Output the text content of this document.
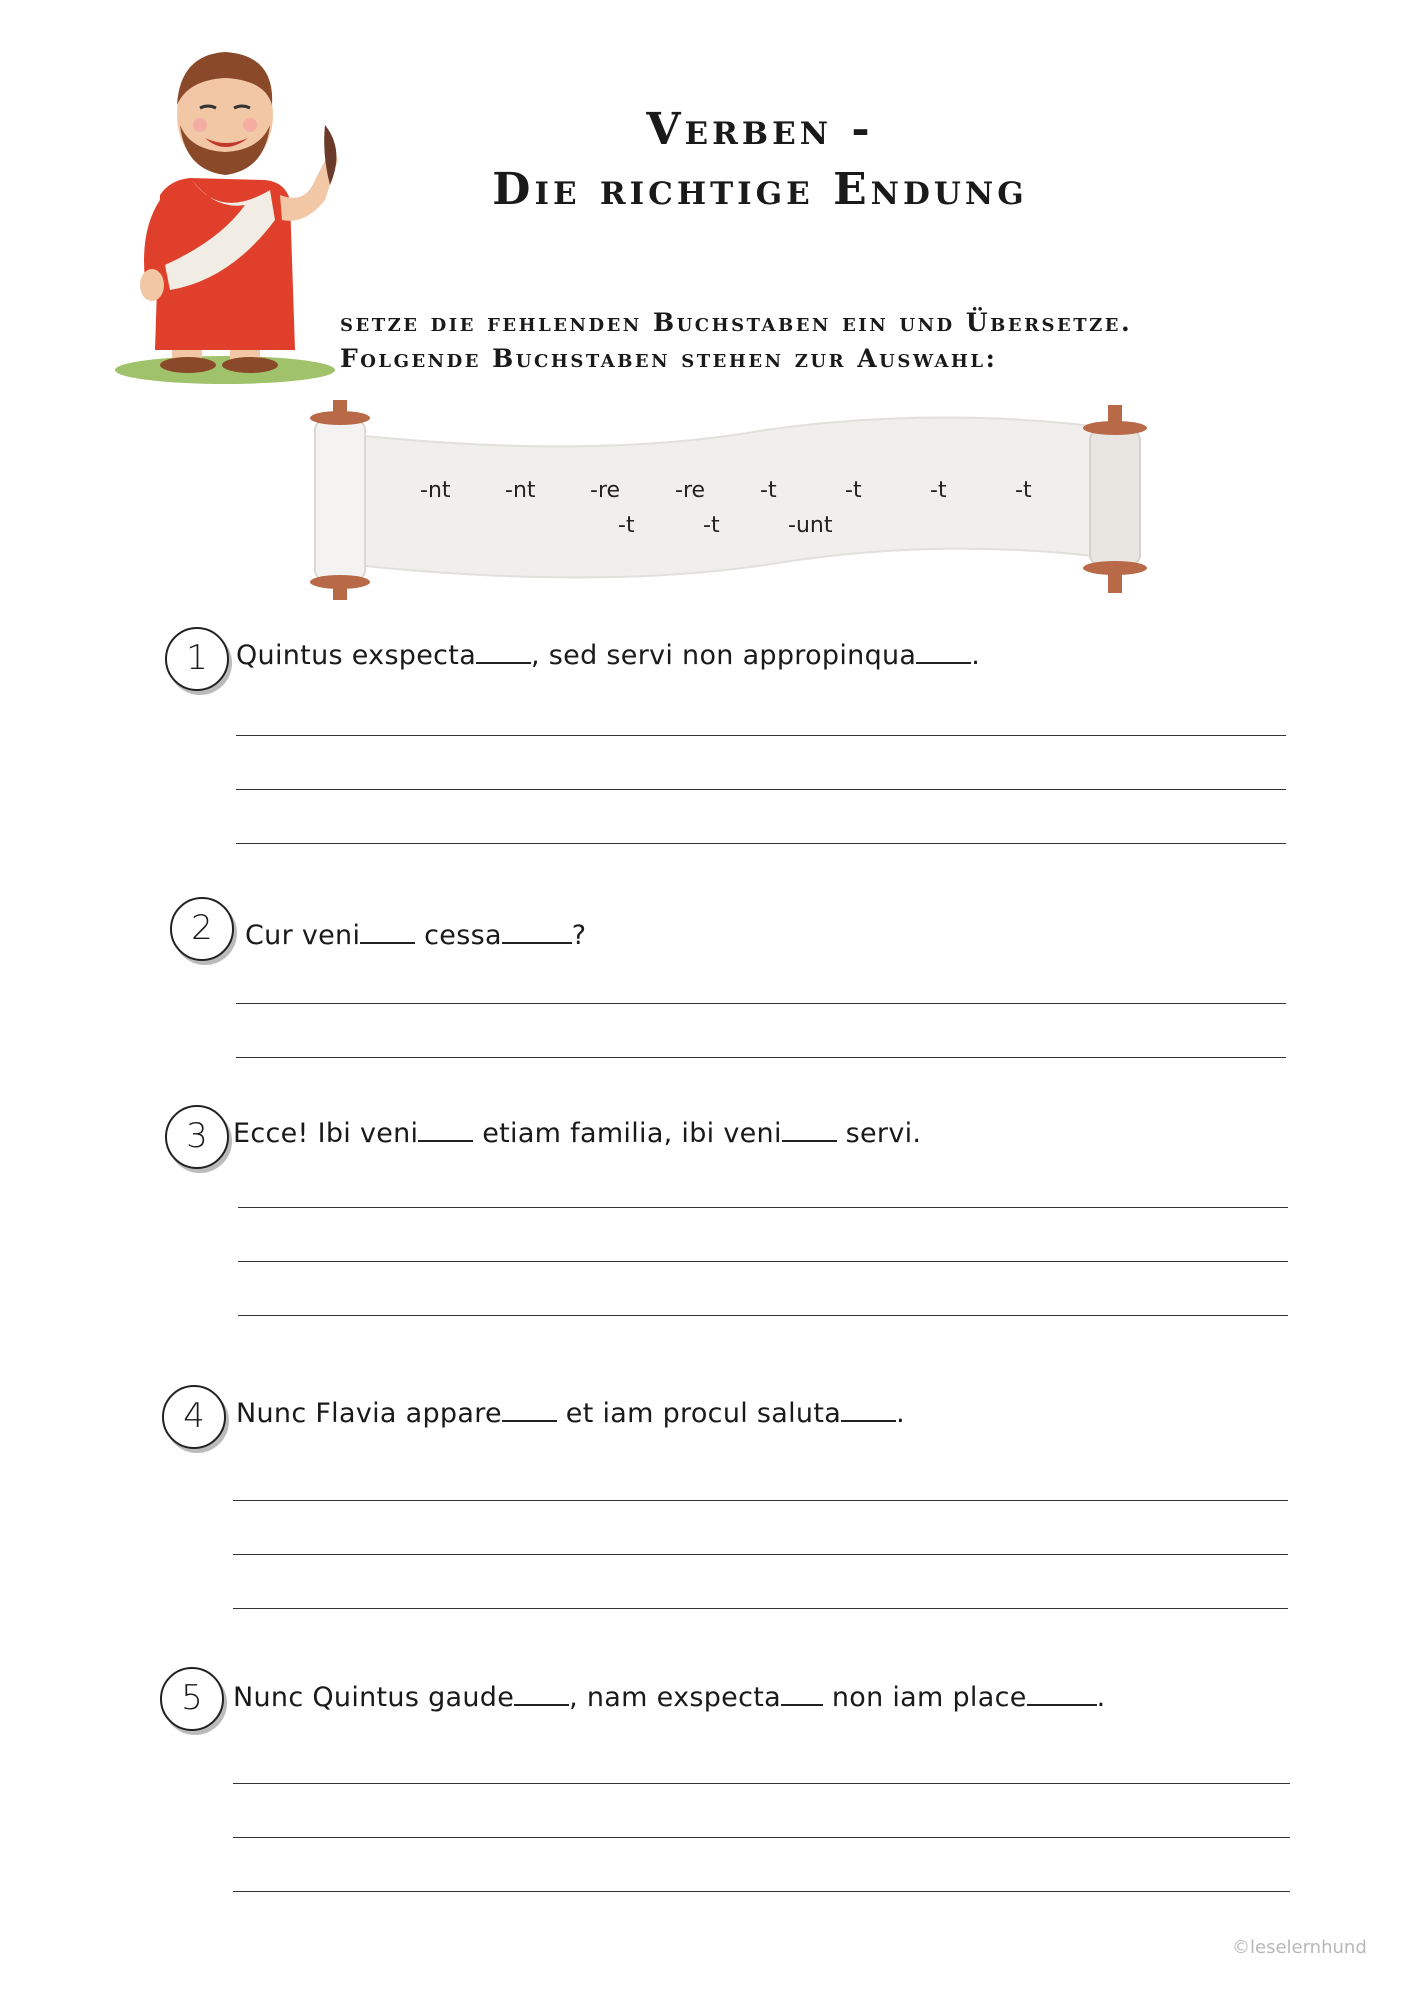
Verben -
Die richtige Endung
setze die fehlenden Buchstaben ein und Übersetze.
Folgende Buchstaben stehen zur Auswahl:
-nt -nt -re -re -t	-t	-t	-t
-t	-t	-unt
1	Quintus exspecta , sed servi non appropinqua .
2	Cur veni cessa	?
3 Ecce! Ibi veni etiam familia, ibi veni servi.
4	Nunc Flavia appare et iam procul saluta .
5	Nunc Quintus gaude , nam exspecta non iam place	.
©leselernhund
